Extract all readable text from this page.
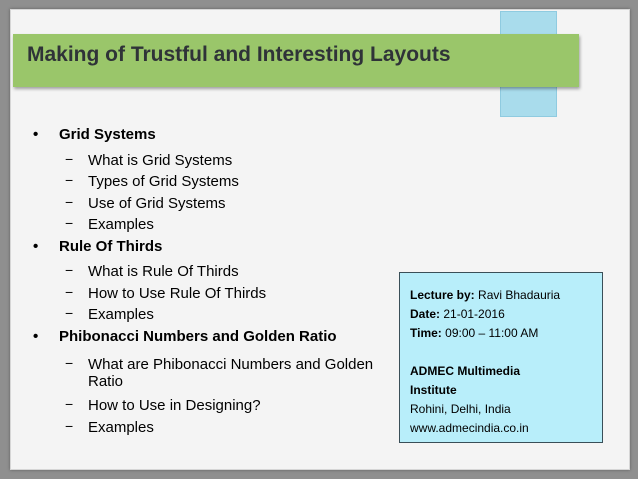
Making of Trustful and Interesting Layouts
• Grid Systems
− What is Grid Systems
− Types of Grid Systems
− Use of Grid Systems
− Examples
• Rule Of Thirds
− What is Rule Of Thirds
− How to Use Rule Of Thirds
− Examples
• Phibonacci Numbers and Golden Ratio
− What are Phibonacci Numbers and Golden Ratio
− How to Use in Designing?
− Examples
Lecture by: Ravi Bhadauria
Date: 21-01-2016
Time: 09:00 – 11:00 AM
ADMEC Multimedia Institute
Rohini, Delhi, India
www.admecindia.co.in
